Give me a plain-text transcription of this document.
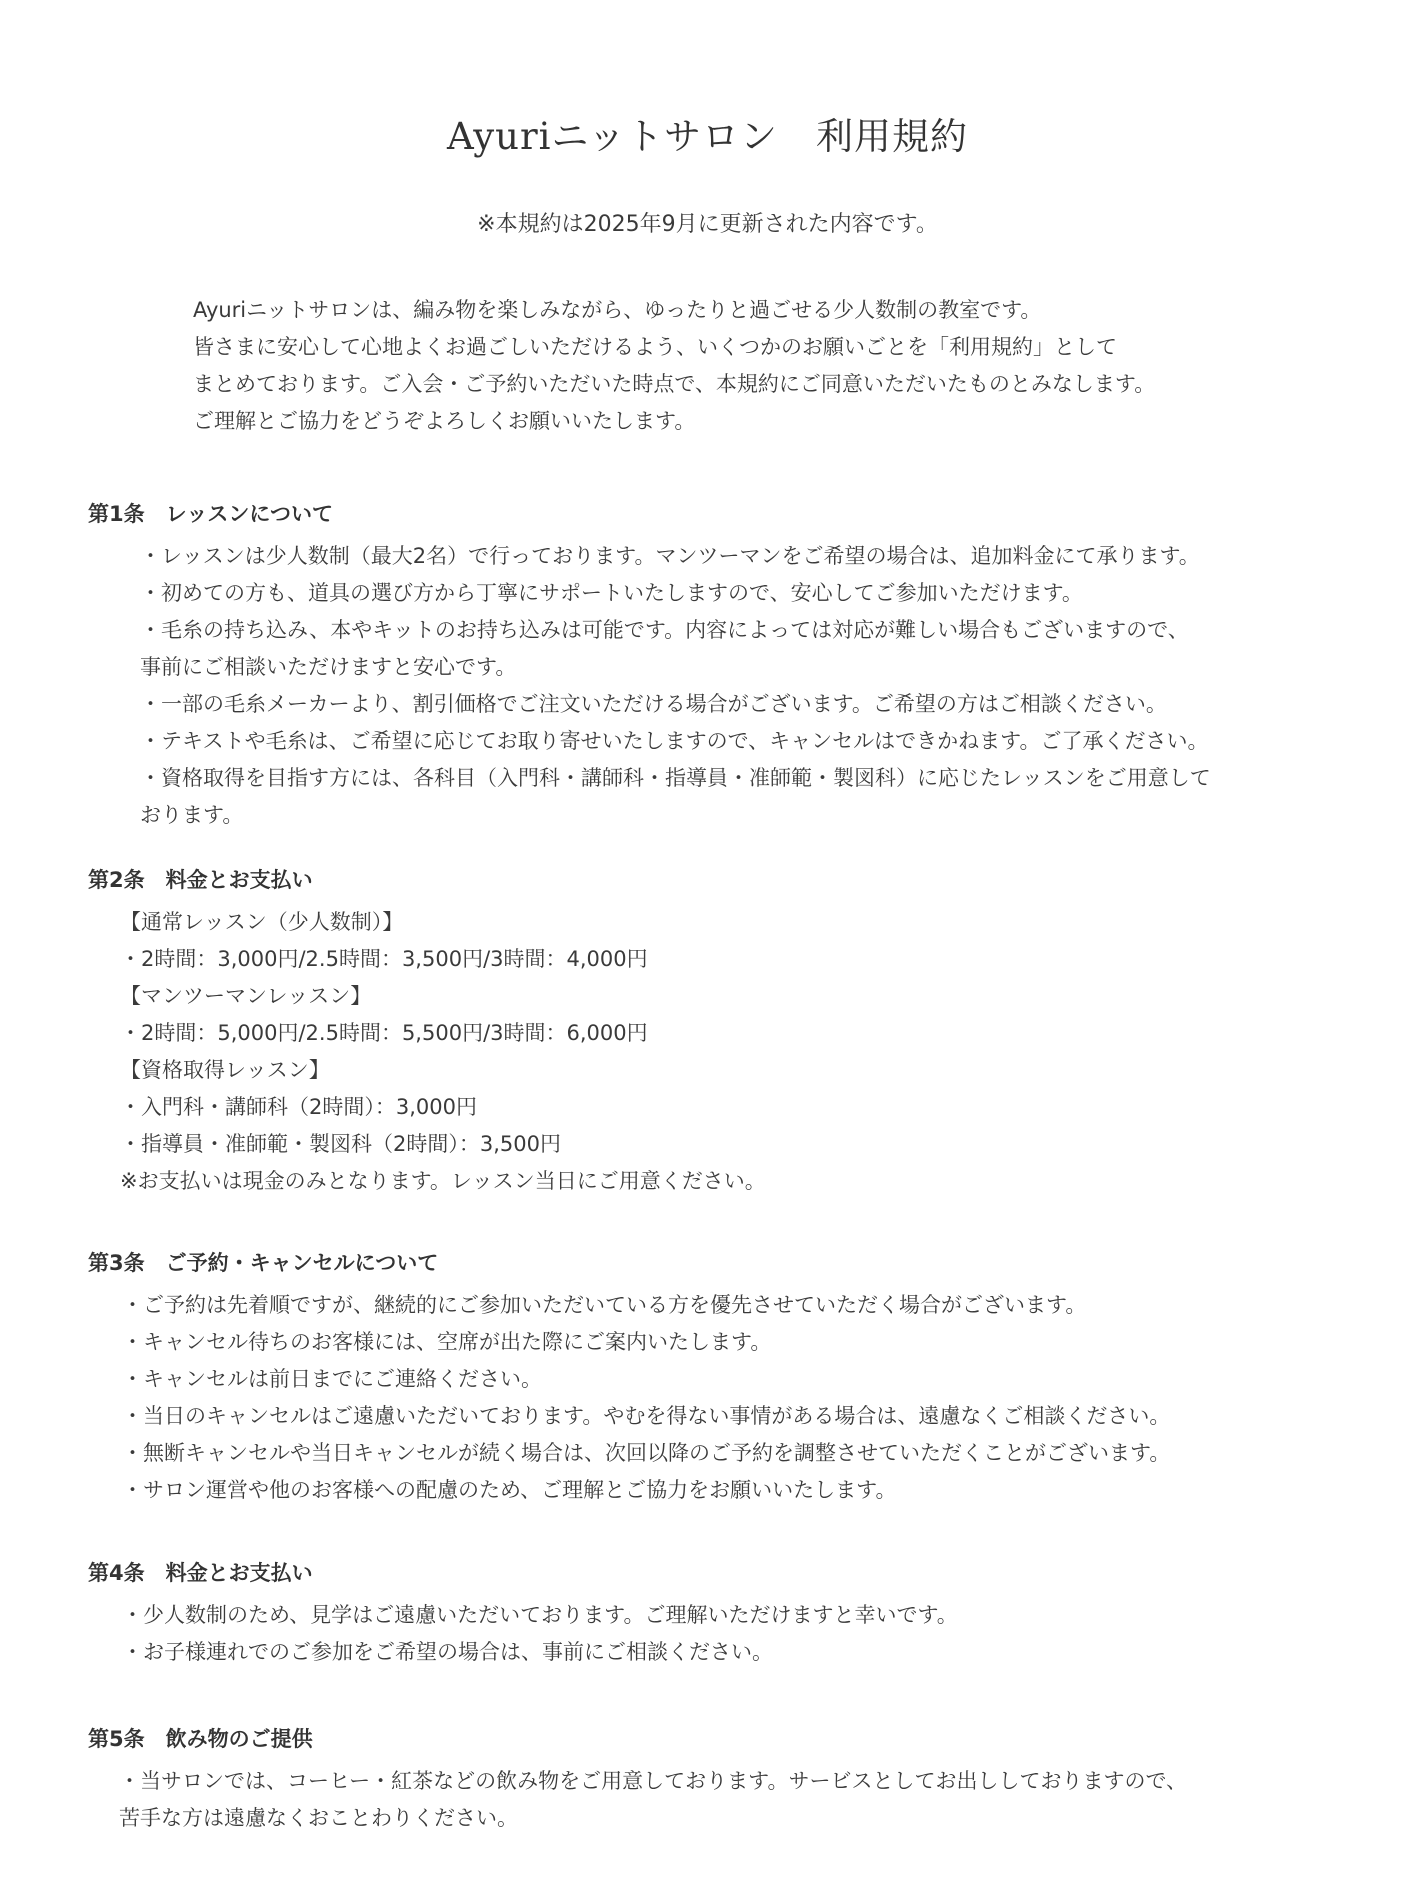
Ayuriニットサロン　利用規約

※本規約は2025年9月に更新された内容です。

Ayuriニットサロンは、編み物を楽しみながら、ゆったりと過ごせる少人数制の教室です。
皆さまに安心して心地よくお過ごしいただけるよう、いくつかのお願いごとを「利用規約」として
まとめております。ご入会・ご予約いただいた時点で、本規約にご同意いただいたものとみなします。
ご理解とご協力をどうぞよろしくお願いいたします。
第1条　レッスンについて
・レッスンは少人数制（最大2名）で行っております。マンツーマンをご希望の場合は、追加料金にて承ります。
・初めての方も、道具の選び方から丁寧にサポートいたしますので、安心してご参加いただけます。
・毛糸の持ち込み、本やキットのお持ち込みは可能です。内容によっては対応が難しい場合もございますので、
事前にご相談いただけますと安心です。
・一部の毛糸メーカーより、割引価格でご注文いただける場合がございます。ご希望の方はご相談ください。
・テキストや毛糸は、ご希望に応じてお取り寄せいたしますので、キャンセルはできかねます。ご了承ください。
・資格取得を目指す方には、各科目（入門科・講師科・指導員・准師範・製図科）に応じたレッスンをご用意して
おります。
第2条　料金とお支払い
【通常レッスン（少人数制）】
・2時間：3,000円/2.5時間：3,500円/3時間：4,000円
【マンツーマンレッスン】
・2時間：5,000円/2.5時間：5,500円/3時間：6,000円
【資格取得レッスン】
・入門科・講師科（2時間）：3,000円
・指導員・准師範・製図科（2時間）：3,500円
※お支払いは現金のみとなります。レッスン当日にご用意ください。
第3条　ご予約・キャンセルについて
・ご予約は先着順ですが、継続的にご参加いただいている方を優先させていただく場合がございます。
・キャンセル待ちのお客様には、空席が出た際にご案内いたします。
・キャンセルは前日までにご連絡ください。
・当日のキャンセルはご遠慮いただいております。やむを得ない事情がある場合は、遠慮なくご相談ください。
・無断キャンセルや当日キャンセルが続く場合は、次回以降のご予約を調整させていただくことがございます。
・サロン運営や他のお客様への配慮のため、ご理解とご協力をお願いいたします。
第4条　料金とお支払い
・少人数制のため、見学はご遠慮いただいております。ご理解いただけますと幸いです。
・お子様連れでのご参加をご希望の場合は、事前にご相談ください。
第5条　飲み物のご提供
・当サロンでは、コーヒー・紅茶などの飲み物をご用意しております。サービスとしてお出ししておりますので、
苦手な方は遠慮なくおことわりください。
